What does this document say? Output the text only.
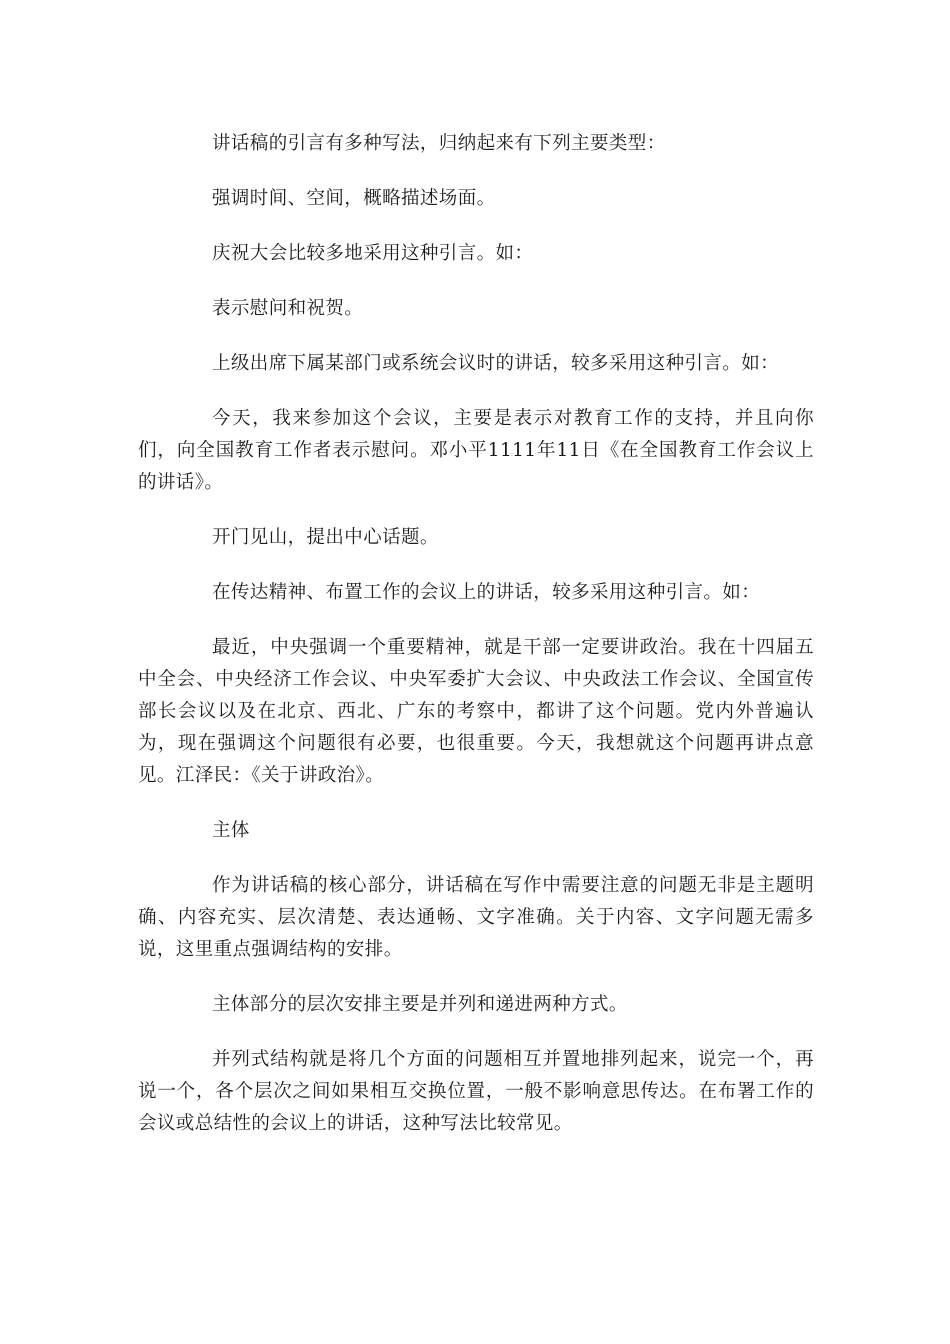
讲话稿的引言有多种写法，归纳起来有下列主要类型：

强调时间、空间，概略描述场面。

庆祝大会比较多地采用这种引言。如：

表示慰问和祝贺。

上级出席下属某部门或系统会议时的讲话，较多采用这种引言。如：

今天，我来参加这个会议，主要是表示对教育工作的支持，并且向你们，向全国教育工作者表示慰问。邓小平1111年11日《在全国教育工作会议上的讲话》。

开门见山，提出中心话题。

在传达精神、布置工作的会议上的讲话，较多采用这种引言。如：

最近，中央强调一个重要精神，就是干部一定要讲政治。我在十四届五中全会、中央经济工作会议、中央军委扩大会议、中央政法工作会议、全国宣传部长会议以及在北京、西北、广东的考察中，都讲了这个问题。党内外普遍认为，现在强调这个问题很有必要，也很重要。今天，我想就这个问题再讲点意见。江泽民：《关于讲政治》。

主体

作为讲话稿的核心部分，讲话稿在写作中需要注意的问题无非是主题明确、内容充实、层次清楚、表达通畅、文字准确。关于内容、文字问题无需多说，这里重点强调结构的安排。

主体部分的层次安排主要是并列和递进两种方式。

并列式结构就是将几个方面的问题相互并置地排列起来，说完一个，再说一个，各个层次之间如果相互交换位置，一般不影响意思传达。在布署工作的会议或总结性的会议上的讲话，这种写法比较常见。
